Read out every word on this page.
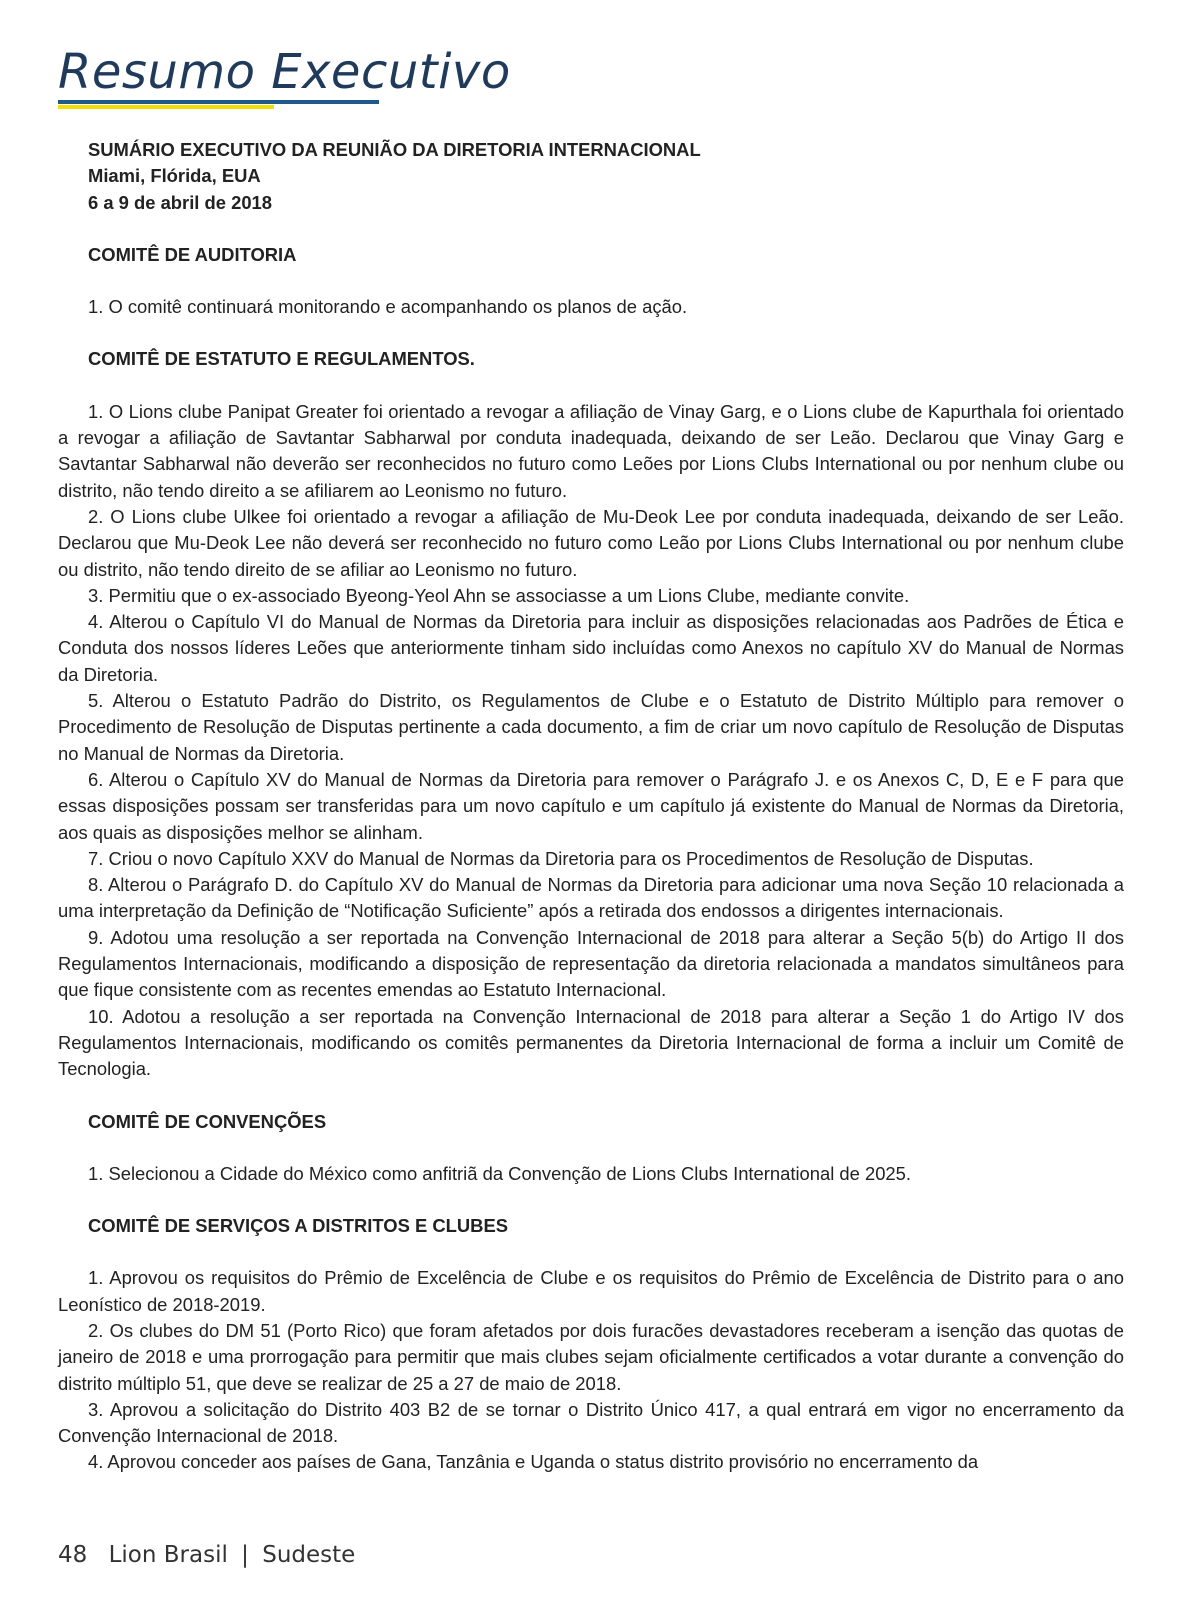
Resumo Executivo

SUMÁRIO EXECUTIVO DA REUNIÃO DA DIRETORIA INTERNACIONAL

Miami, Flórida, EUA

6 a 9 de abril de 2018

COMITÊ DE AUDITORIA

1. O comitê continuará monitorando e acompanhando os planos de ação.

COMITÊ DE ESTATUTO E REGULAMENTOS.

1. O Lions clube Panipat Greater foi orientado a revogar a afiliação de Vinay Garg, e o Lions clube de Kapurthala foi orientado a revogar a afiliação de Savtantar Sabharwal por conduta inadequada, deixando de ser Leão. Declarou que Vinay Garg e Savtantar Sabharwal não deverão ser reconhecidos no futuro como Leões por Lions Clubs International ou por nenhum clube ou distrito, não tendo direito a se afiliarem ao Leonismo no futuro.

2. O Lions clube Ulkee foi orientado a revogar a afiliação de Mu-Deok Lee por conduta inadequada, deixando de ser Leão. Declarou que Mu-Deok Lee não deverá ser reconhecido no futuro como Leão por Lions Clubs International ou por nenhum clube ou distrito, não tendo direito de se afiliar ao Leonismo no futuro.

3. Permitiu que o ex-associado Byeong-Yeol Ahn se associasse a um Lions Clube, mediante convite.

4. Alterou o Capítulo VI do Manual de Normas da Diretoria para incluir as disposições relacionadas aos Padrões de Ética e Conduta dos nossos líderes Leões que anteriormente tinham sido incluídas como Anexos no capítulo XV do Manual de Normas da Diretoria.

5. Alterou o Estatuto Padrão do Distrito, os Regulamentos de Clube e o Estatuto de Distrito Múltiplo para remover o Procedimento de Resolução de Disputas pertinente a cada documento, a fim de criar um novo capítulo de Resolução de Disputas no Manual de Normas da Diretoria.

6. Alterou o Capítulo XV do Manual de Normas da Diretoria para remover o Parágrafo J. e os Anexos C, D, E e F para que essas disposições possam ser transferidas para um novo capítulo e um capítulo já existente do Manual de Normas da Diretoria, aos quais as disposições melhor se alinham.

7. Criou o novo Capítulo XXV do Manual de Normas da Diretoria para os Procedimentos de Resolução de Disputas.

8. Alterou o Parágrafo D. do Capítulo XV do Manual de Normas da Diretoria para adicionar uma nova Seção 10 relacionada a uma interpretação da Definição de “Notificação Suficiente” após a retirada dos endossos a dirigentes internacionais.

9. Adotou uma resolução a ser reportada na Convenção Internacional de 2018 para alterar a Seção 5(b) do Artigo II dos Regulamentos Internacionais, modificando a disposição de representação da diretoria relacionada a mandatos simultâneos para que fique consistente com as recentes emendas ao Estatuto Internacional.

10. Adotou a resolução a ser reportada na Convenção Internacional de 2018 para alterar a Seção 1 do Artigo IV dos Regulamentos Internacionais, modificando os comitês permanentes da Diretoria Internacional de forma a incluir um Comitê de Tecnologia.

COMITÊ DE CONVENÇÕES

1. Selecionou a Cidade do México como anfitriã da Convenção de Lions Clubs International de 2025.

COMITÊ DE SERVIÇOS A DISTRITOS E CLUBES

1. Aprovou os requisitos do Prêmio de Excelência de Clube e os requisitos do Prêmio de Excelência de Distrito para o ano Leonístico de 2018-2019.

2. Os clubes do DM 51 (Porto Rico) que foram afetados por dois furacões devastadores receberam a isenção das quotas de janeiro de 2018 e uma prorrogação para permitir que mais clubes sejam oficialmente certificados a votar durante a convenção do distrito múltiplo 51, que deve se realizar de 25 a 27 de maio de 2018.

3. Aprovou a solicitação do Distrito 403 B2 de se tornar o Distrito Único 417, a qual entrará em vigor no encerramento da Convenção Internacional de 2018.

4. Aprovou conceder aos países de Gana, Tanzânia e Uganda o status distrito provisório no encerramento da

48 Lion Brasil | Sudeste
